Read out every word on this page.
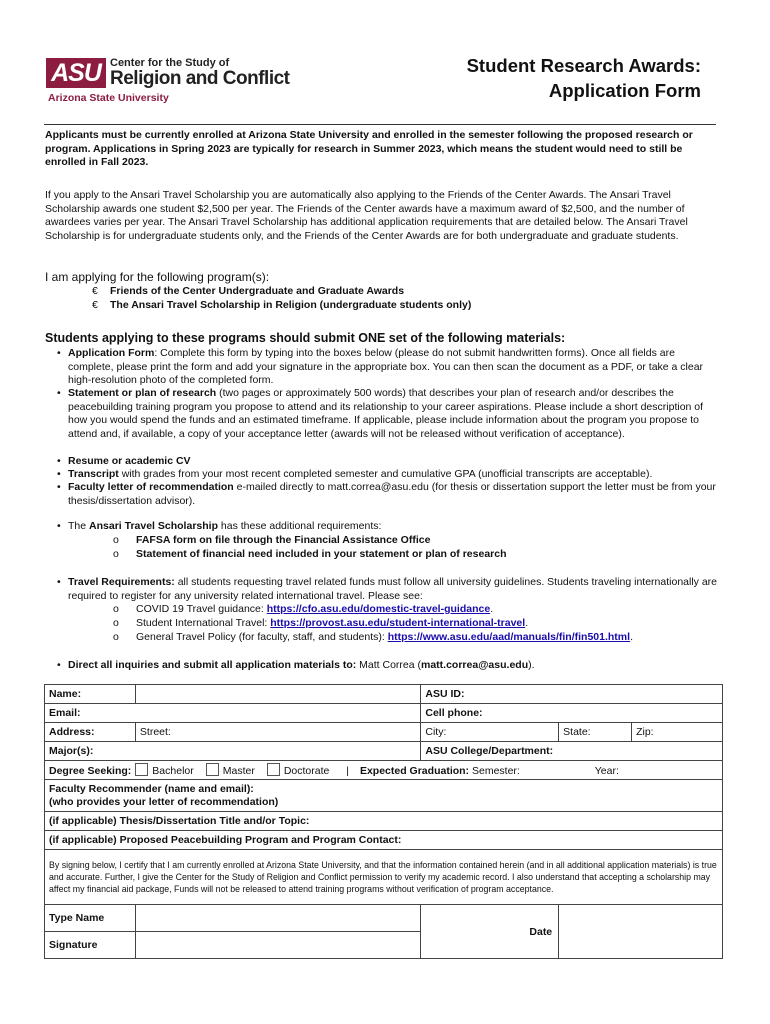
ASU Center for the Study of
Religion and Conflict
Arizona State University
Student Research Awards:
Application Form
Applicants must be currently enrolled at Arizona State University and enrolled in the semester following the proposed research or program. Applications in Spring 2023 are typically for research in Summer 2023, which means the student would need to still be enrolled in Fall 2023.
If you apply to the Ansari Travel Scholarship you are automatically also applying to the Friends of the Center Awards. The Ansari Travel Scholarship awards one student $2,500 per year. The Friends of the Center awards have a maximum award of $2,500, and the number of awardees varies per year. The Ansari Travel Scholarship has additional application requirements that are detailed below. The Ansari Travel Scholarship is for undergraduate students only, and the Friends of the Center Awards are for both undergraduate and graduate students.
I am applying for the following program(s):
€ Friends of the Center Undergraduate and Graduate Awards
€ The Ansari Travel Scholarship in Religion (undergraduate students only)
Students applying to these programs should submit ONE set of the following materials:
• Application Form: Complete this form by typing into the boxes below (please do not submit handwritten forms). Once all fields are complete, please print the form and add your signature in the appropriate box. You can then scan the document as a PDF, or take a clear high-resolution photo of the completed form.
• Statement or plan of research (two pages or approximately 500 words) that describes your plan of research and/or describes the peacebuilding training program you propose to attend and its relationship to your career aspirations. Please include a short description of how you would spend the funds and an estimated timeframe. If applicable, please include information about the program you propose to attend and, if available, a copy of your acceptance letter (awards will not be released without verification of acceptance).
• Resume or academic CV
• Transcript with grades from your most recent completed semester and cumulative GPA (unofficial transcripts are acceptable).
• Faculty letter of recommendation e-mailed directly to matt.correa@asu.edu (for thesis or dissertation support the letter must be from your thesis/dissertation advisor).
• The Ansari Travel Scholarship has these additional requirements:
o FAFSA form on file through the Financial Assistance Office
o Statement of financial need included in your statement or plan of research
• Travel Requirements: all students requesting travel related funds must follow all university guidelines. Students traveling internationally are required to register for any university related international travel. Please see:
o COVID 19 Travel guidance: https://cfo.asu.edu/domestic-travel-guidance.
o Student International Travel: https://provost.asu.edu/student-international-travel.
o General Travel Policy (for faculty, staff, and students): https://www.asu.edu/aad/manuals/fin/fin501.html.
• Direct all inquiries and submit all application materials to: Matt Correa (matt.correa@asu.edu).
Name:		ASU ID:		
Email:		Cell phone:		
Address:	Street:	City:	State:	Zip:
Major(s):		ASU College/Department:		
Degree Seeking: Bachelor Master Doctorate | Expected Graduation: Semester: Year:				

Faculty Recommender (name and email):
(who provides your letter of recommendation)				

(if applicable) Thesis/Dissertation Title and/or Topic:				
(if applicable) Proposed Peacebuilding Program and Program Contact:				
By signing below, I certify that I am currently enrolled at Arizona State University, and that the information contained herein (and in all additional application materials) is true and accurate. Further, I give the Center for the Study of Religion and Conflict permission to verify my academic record. I also understand that accepting a scholarship may affect my financial aid package, Funds will not be released to attend training programs without verification of program acceptance.				
Type Name		Date		

Signature				
